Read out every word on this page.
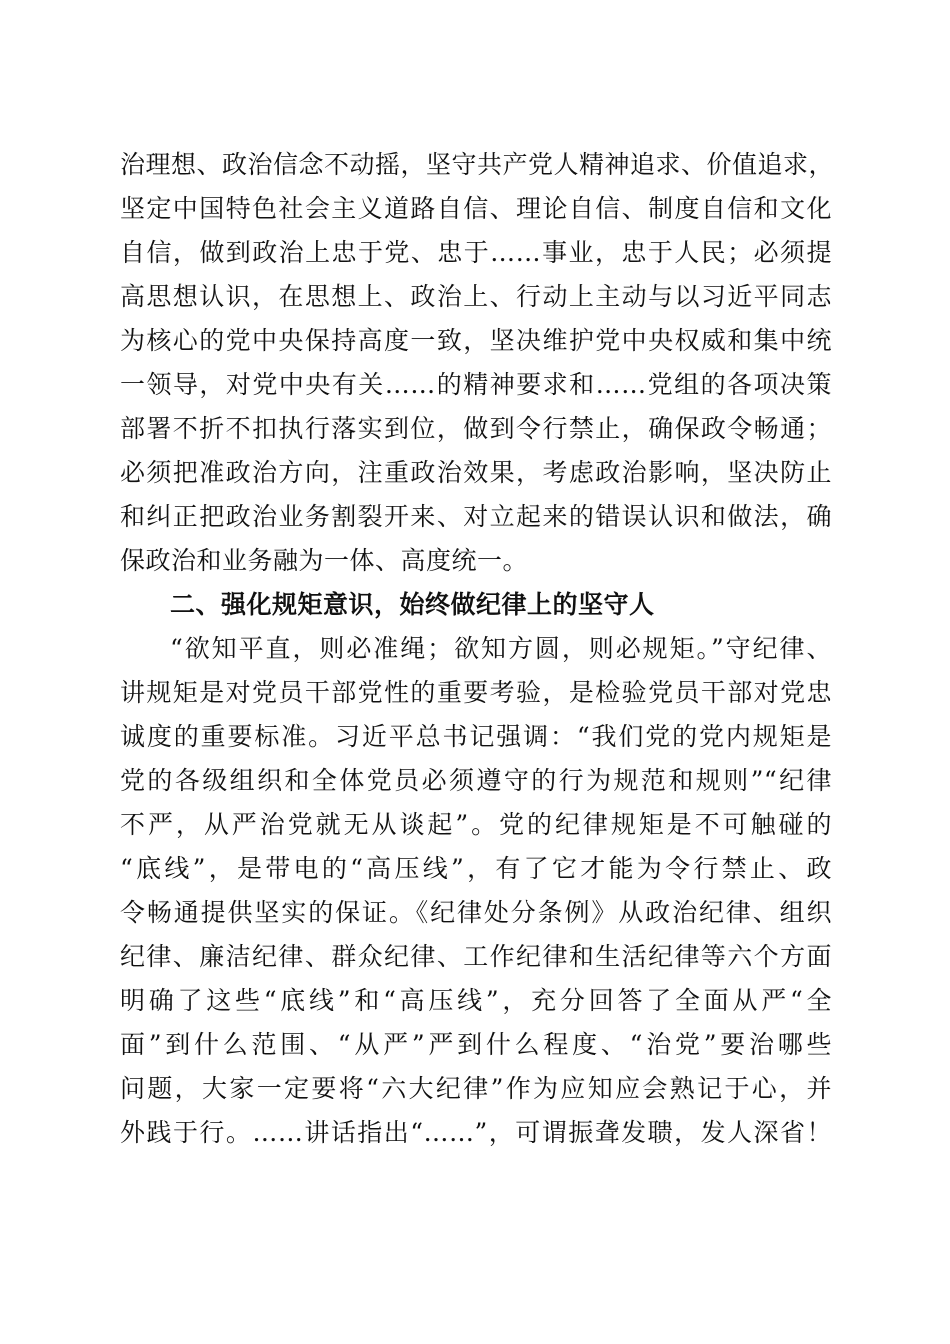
治理想、政治信念不动摇，坚守共产党人精神追求、价值追求，
坚定中国特色社会主义道路自信、理论自信、制度自信和文化
自信，做到政治上忠于党、忠于……事业，忠于人民；必须提
高思想认识，在思想上、政治上、行动上主动与以习近平同志
为核心的党中央保持高度一致，坚决维护党中央权威和集中统
一领导，对党中央有关……的精神要求和……党组的各项决策
部署不折不扣执行落实到位，做到令行禁止，确保政令畅通；
必须把准政治方向，注重政治效果，考虑政治影响，坚决防止
和纠正把政治业务割裂开来、对立起来的错误认识和做法，确
保政治和业务融为一体、高度统一。
二、强化规矩意识，始终做纪律上的坚守人
“欲知平直，则必准绳；欲知方圆，则必规矩。”守纪律、
讲规矩是对党员干部党性的重要考验，是检验党员干部对党忠
诚度的重要标准。习近平总书记强调：“我们党的党内规矩是
党的各级组织和全体党员必须遵守的行为规范和规则”“纪律
不严，从严治党就无从谈起”。党的纪律规矩是不可触碰的
“底线”，是带电的“高压线”，有了它才能为令行禁止、政
令畅通提供坚实的保证。《纪律处分条例》从政治纪律、组织
纪律、廉洁纪律、群众纪律、工作纪律和生活纪律等六个方面
明确了这些“底线”和“高压线”，充分回答了全面从严“全
面”到什么范围、“从严”严到什么程度、“治党”要治哪些
问题，大家一定要将“六大纪律”作为应知应会熟记于心，并
外践于行。……讲话指出“……”，可谓振聋发聩，发人深省！
